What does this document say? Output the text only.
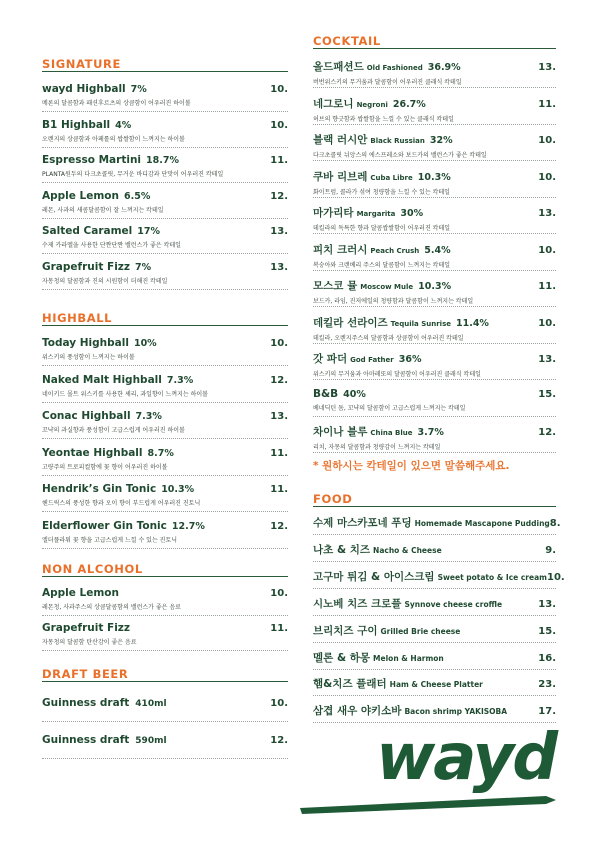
SIGNATURE
wayd Highball 7%	10.
메론의 달콤함과 패션후르츠의 상큼함이 어우러진 하이볼
B1 Highball 4%	10.
오렌지의 상큼함과 아페롤의 쌉쌀함이 느껴지는 하이볼
Espresso Martini 18.7%	11.
PLANTA원두의 다크초콜릿, 무거운 바디감과 단맛이 어우러진 칵테일
Apple Lemon 6.5%	12.
레몬, 사과의 새콤달콤함이 잘 느껴지는 칵테일
Salted Caramel 17%	13.
수제 카라멜을 사용한 단짠단짠 밸런스가 좋은 칵테일
Grapefruit Fizz 7%	13.
자몽청의 달콤함과 진의 시원함이 더해진 칵테일
HIGHBALL
Today Highball 10%	10.
위스키의 풍성함이 느껴지는 하이볼
Naked Malt Highball 7.3%	12.
네이키드 몰트 위스키를 사용한 셰리, 과일향이 느껴지는 하이볼
Conac Highball 7.3%	13.
꼬냑의 과실향과 풍성함이 고급스럽게 어우러진 하이볼
Yeontae Highball 8.7%	11.
고량주의 트로피컬함에 꽃 향이 어우러진 하이볼
Hendrik’s Gin Tonic 10.3%	11.
헨드릭스의 풍성한 향과 오이 향이 부드럽게 어우러진 진토닉
Elderflower Gin Tonic 12.7%	12.
엘더플라워 꽃 향을 고급스럽게 느낄 수 있는 진토닉
NON ALCOHOL
Apple Lemon	10.
레몬청, 사과주스의 상큼달콤함의 밸런스가 좋은 음료
Grapefruit Fizz	11.
자몽청의 달콤함 탄산감이 좋은 음료
DRAFT BEER
Guinness draft 410ml	10.
Guinness draft 590ml	12.
COCKTAIL
올드패션드 Old Fashioned 36.9%	13.
버번위스키의 무거움과 달콤함이 어우러진 클래식 칵테일
네그로니 Negroni 26.7%	11.
허브의 향긋함과 쌉쌀함을 느낄 수 있는 클래식 칵테일
블랙 러시안 Black Russian 32%	10.
다크초콜릿 뉘앙스의 에스프레소와 보드카의 밸런스가 좋은 칵테일
쿠바 리브레 Cuba Libre 10.3%	10.
화이트럼, 콜라가 섞여 청량함을 느낄 수 있는 칵테일
마가리타 Margarita 30%	13.
데킬라의 독특한 향과 달콤쌉쌀함이 어우러진 칵테일
피치 크러시 Peach Crush 5.4%	10.
복숭아와 크랜베리 주스의 달콤함이 느껴지는 칵테일
모스코 뮬 Moscow Mule 10.3%	11.
보드카, 라임, 진저에일의 청량함과 달콤함이 느껴지는 칵테일
데킬라 선라이즈 Tequila Sunrise 11.4%	10.
데킬라, 오렌지주스의 달콤함과 상큼함이 어우러진 칵테일
갓 파더 God Father 36%	13.
위스키의 무거움과 아마레또의 달콤함이 어우러진 클래식 칵테일
B&B 40%	15.
베네딕틴 돔, 꼬냑의 달콤함이 고급스럽게 느껴지는 칵테일
차이나 블루 China Blue 3.7%	12.
리치, 자몽의 달콤함과 청량감이 느껴지는 칵테일
* 원하시는 칵테일이 있으면 말씀해주세요.
FOOD
수제 마스카포네 푸딩 Homemade Mascapone Pudding 8.
나초 & 치즈 Nacho & Cheese	9.
고구마 튀김 & 아이스크림 Sweet potato & Ice cream 10.
시노베 치즈 크로플 Synnove cheese croffle	13.
브리치즈 구이 Grilled Brie cheese	15.
멜론 & 하몽 Melon & Harmon	16.
햄&치즈 플래터 Ham & Cheese Platter	23.
삼겹 새우 야키소바 Bacon shrimp YAKISOBA	17.
wayd
